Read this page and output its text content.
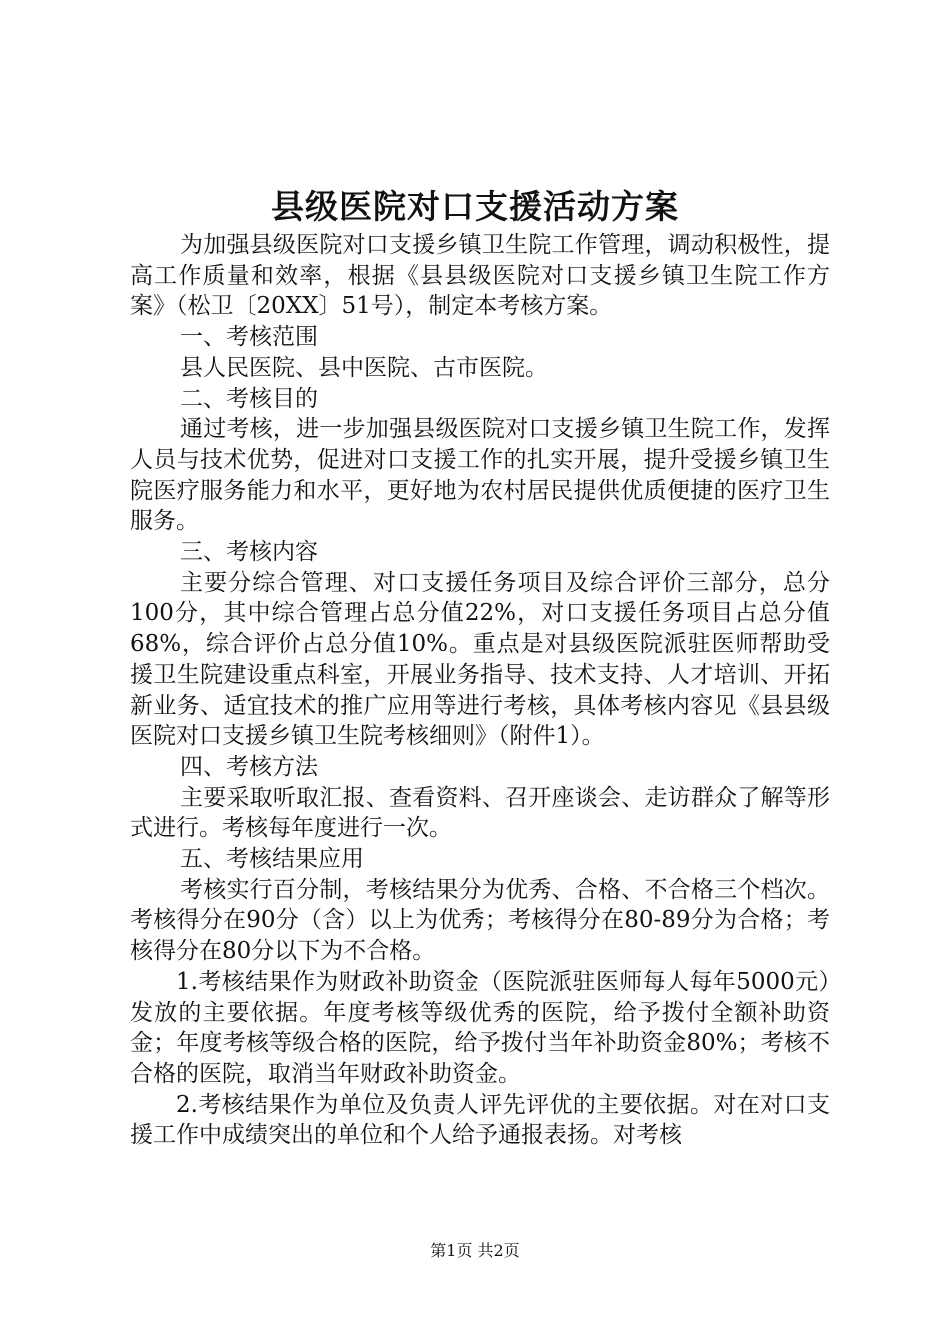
县级医院对口支援活动方案

为加强县级医院对口支援乡镇卫生院工作管理，调动积极性，提高工作质量和效率，根据《县县级医院对口支援乡镇卫生院工作方案》（松卫〔20XX〕51号），制定本考核方案。

一、考核范围

县人民医院、县中医院、古市医院。

二、考核目的

通过考核，进一步加强县级医院对口支援乡镇卫生院工作，发挥人员与技术优势，促进对口支援工作的扎实开展，提升受援乡镇卫生院医疗服务能力和水平，更好地为农村居民提供优质便捷的医疗卫生服务。

三、考核内容

主要分综合管理、对口支援任务项目及综合评价三部分，总分100分，其中综合管理占总分值22%，对口支援任务项目占总分值68%，综合评价占总分值10%。重点是对县级医院派驻医师帮助受援卫生院建设重点科室，开展业务指导、技术支持、人才培训、开拓新业务、适宜技术的推广应用等进行考核，具体考核内容见《县县级医院对口支援乡镇卫生院考核细则》（附件1）。

四、考核方法

主要采取听取汇报、查看资料、召开座谈会、走访群众了解等形式进行。考核每年度进行一次。

五、考核结果应用

考核实行百分制，考核结果分为优秀、合格、不合格三个档次。考核得分在90分（含）以上为优秀；考核得分在80-89分为合格；考核得分在80分以下为不合格。

1.考核结果作为财政补助资金（医院派驻医师每人每年5000元）发放的主要依据。年度考核等级优秀的医院，给予拨付全额补助资金；年度考核等级合格的医院，给予拨付当年补助资金80%；考核不合格的医院，取消当年财政补助资金。

2.考核结果作为单位及负责人评先评优的主要依据。对在对口支援工作中成绩突出的单位和个人给予通报表扬。对考核

第1页 共2页
